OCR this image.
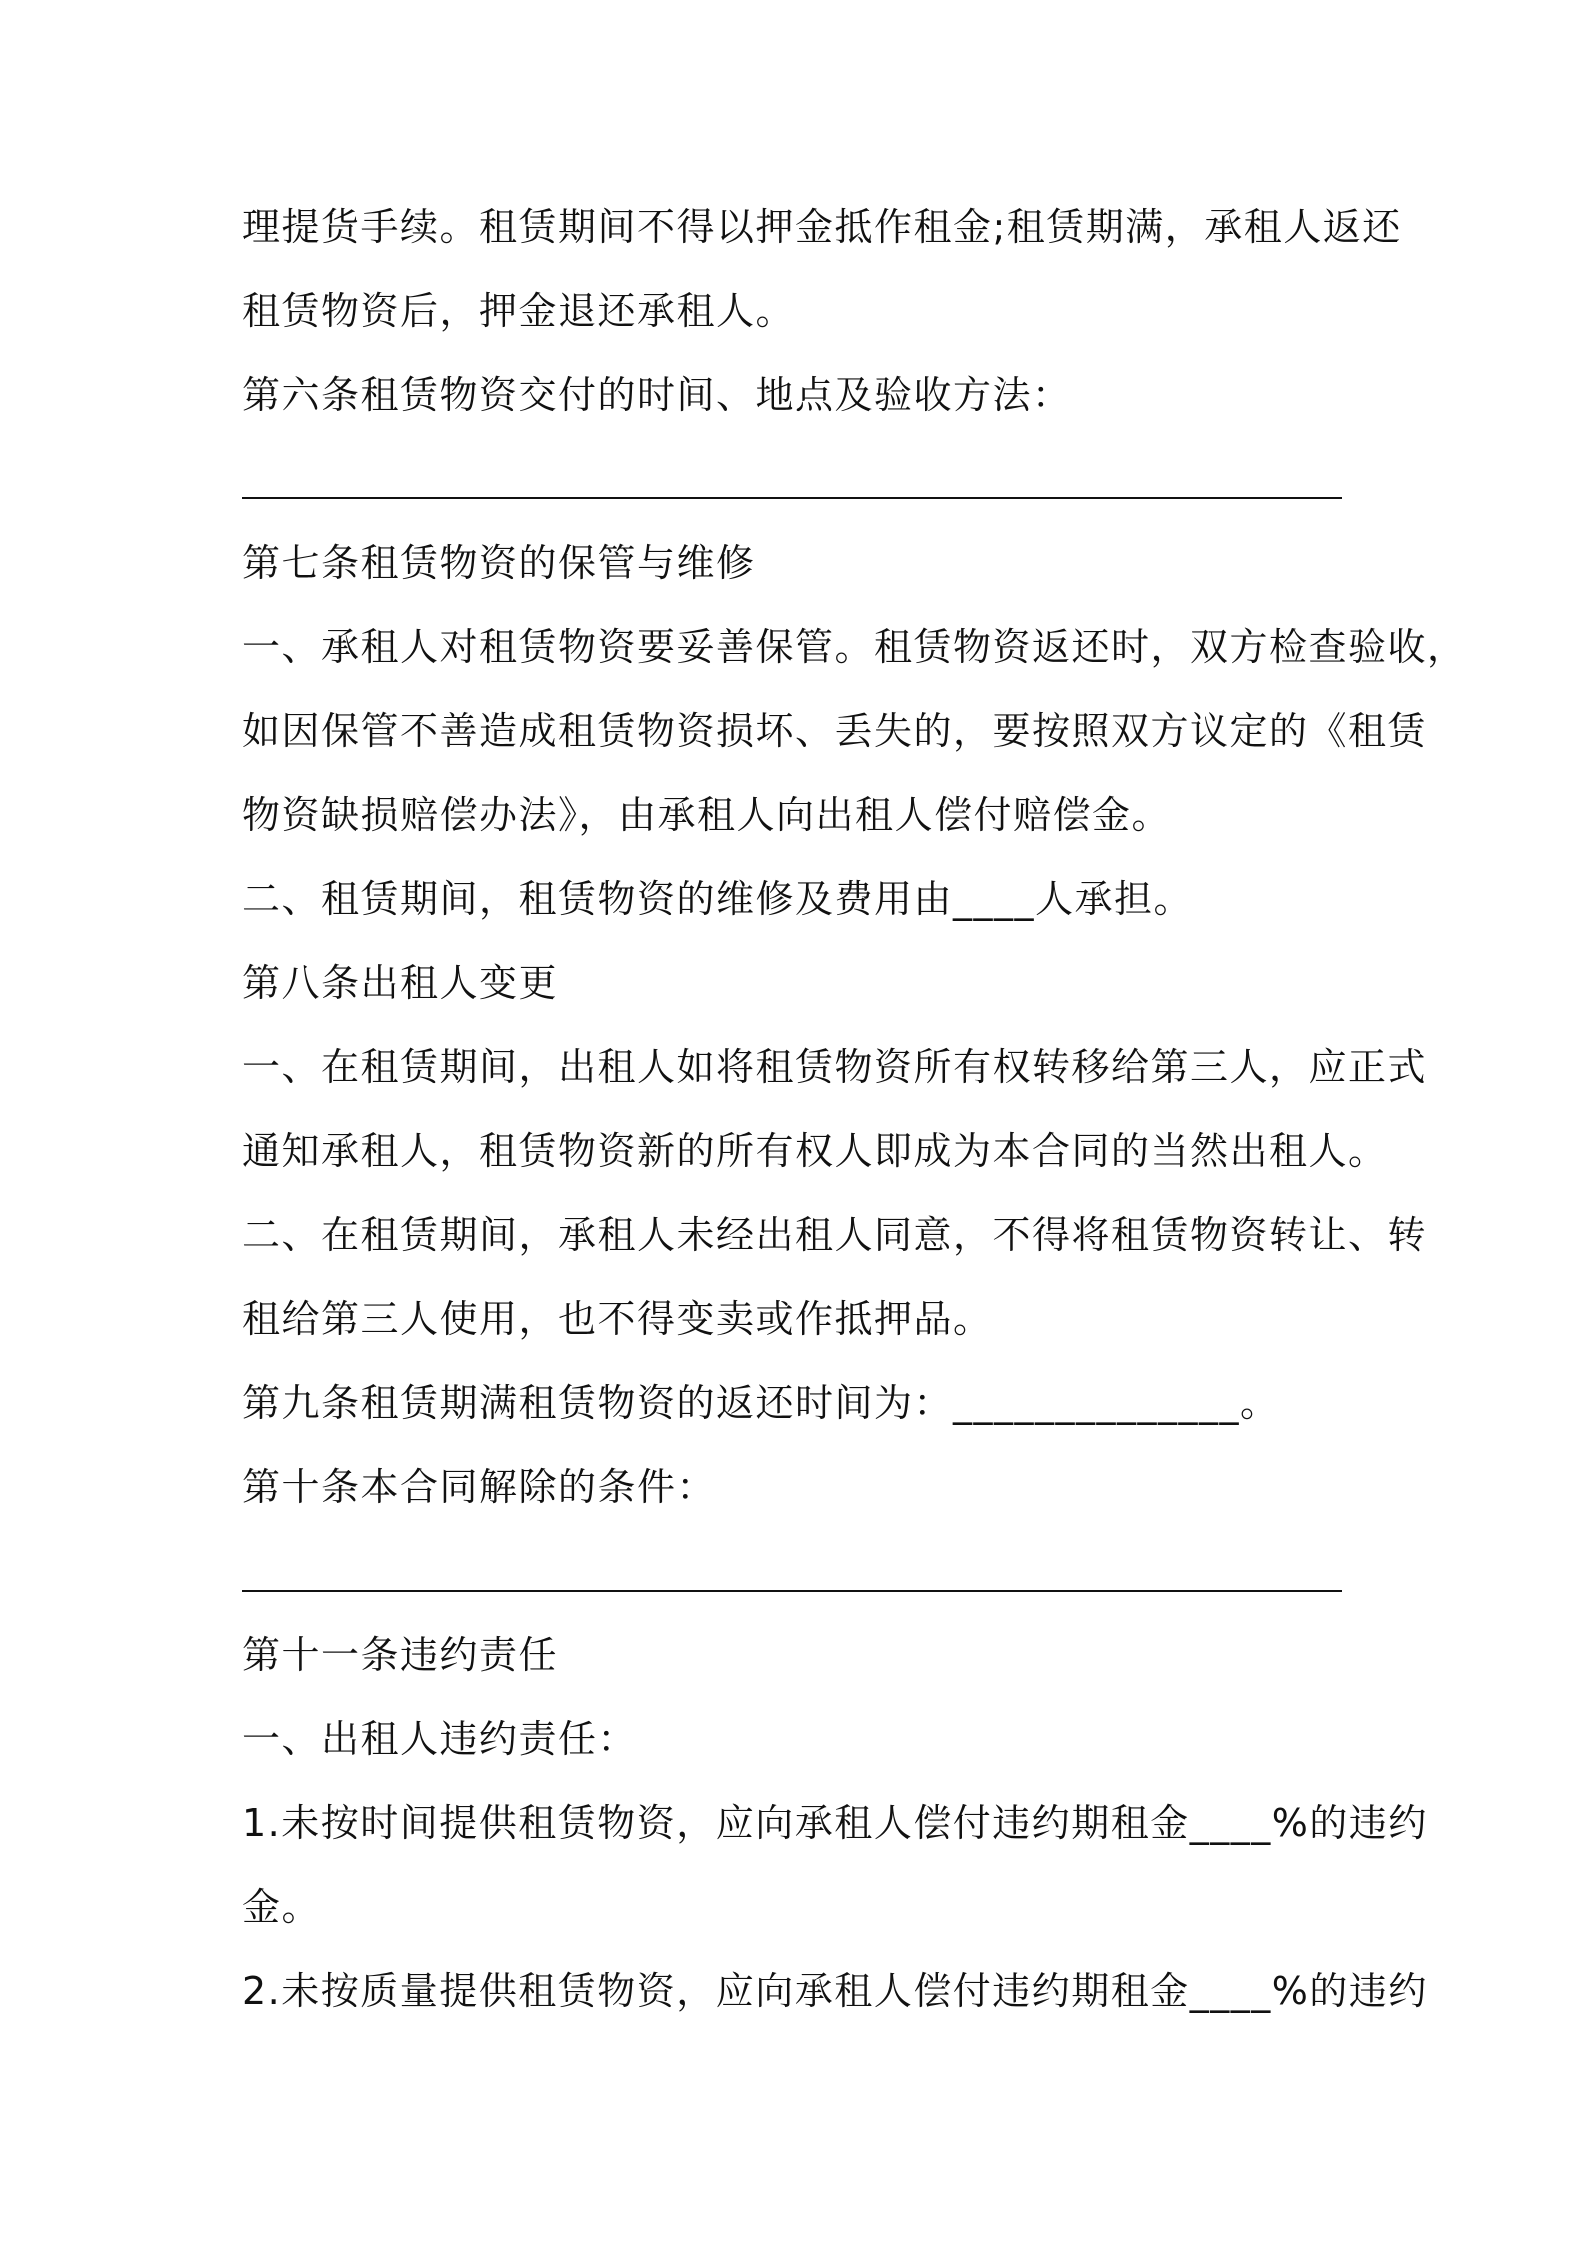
理提货手续。租赁期间不得以押金抵作租金;租赁期满，承租人返还
租赁物资后，押金退还承租人。
第六条租赁物资交付的时间、地点及验收方法：
第七条租赁物资的保管与维修
一、承租人对租赁物资要妥善保管。租赁物资返还时，双方检查验收，
如因保管不善造成租赁物资损坏、丢失的，要按照双方议定的《租赁
物资缺损赔偿办法》，由承租人向出租人偿付赔偿金。
二、租赁期间，租赁物资的维修及费用由____人承担。
第八条出租人变更
一、在租赁期间，出租人如将租赁物资所有权转移给第三人，应正式
通知承租人，租赁物资新的所有权人即成为本合同的当然出租人。
二、在租赁期间，承租人未经出租人同意，不得将租赁物资转让、转
租给第三人使用，也不得变卖或作抵押品。
第九条租赁期满租赁物资的返还时间为：______________。
第十条本合同解除的条件：
第十一条违约责任
一、出租人违约责任：
1.未按时间提供租赁物资，应向承租人偿付违约期租金____%的违约
金。
2.未按质量提供租赁物资，应向承租人偿付违约期租金____%的违约
